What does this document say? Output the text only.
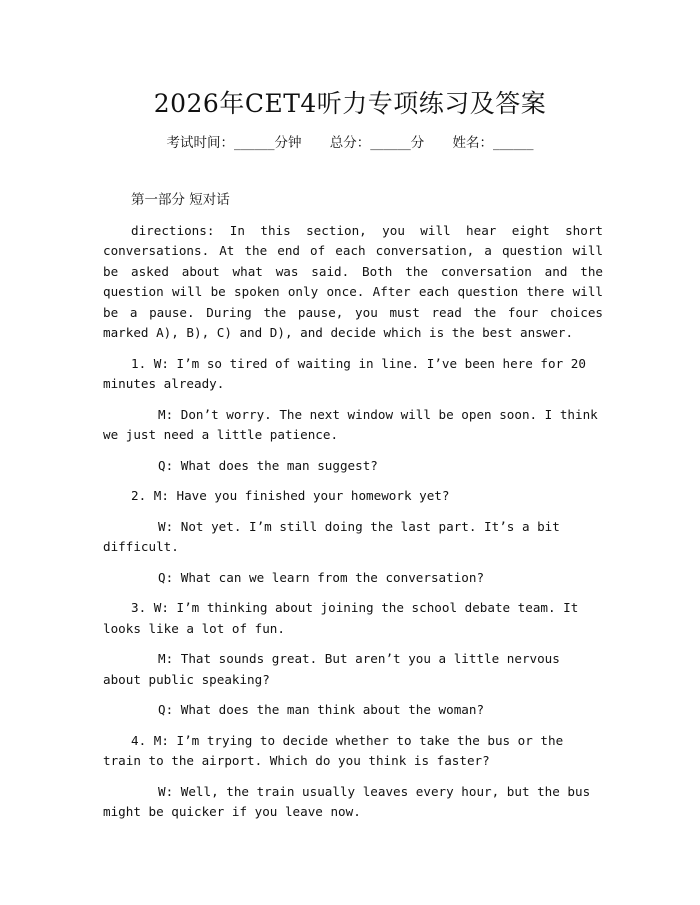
2026年CET4听力专项练习及答案
考试时间：______分钟 总分：______分 姓名：______
第一部分 短对话
directions: In this section, you will hear eight short conversations. At the end of each conversation, a question will be asked about what was said. Both the conversation and the question will be spoken only once. After each question there will be a pause. During the pause, you must read the four choices marked A), B), C) and D), and decide which is the best answer.
1. W: I’m so tired of waiting in line. I’ve been here for 20 minutes already.
M: Don’t worry. The next window will be open soon. I think we just need a little patience.
Q: What does the man suggest?
2. M: Have you finished your homework yet?
W: Not yet. I’m still doing the last part. It’s a bit difficult.
Q: What can we learn from the conversation?
3. W: I’m thinking about joining the school debate team. It looks like a lot of fun.
M: That sounds great. But aren’t you a little nervous about public speaking?
Q: What does the man think about the woman?
4. M: I’m trying to decide whether to take the bus or the train to the airport. Which do you think is faster?
W: Well, the train usually leaves every hour, but the bus might be quicker if you leave now.
